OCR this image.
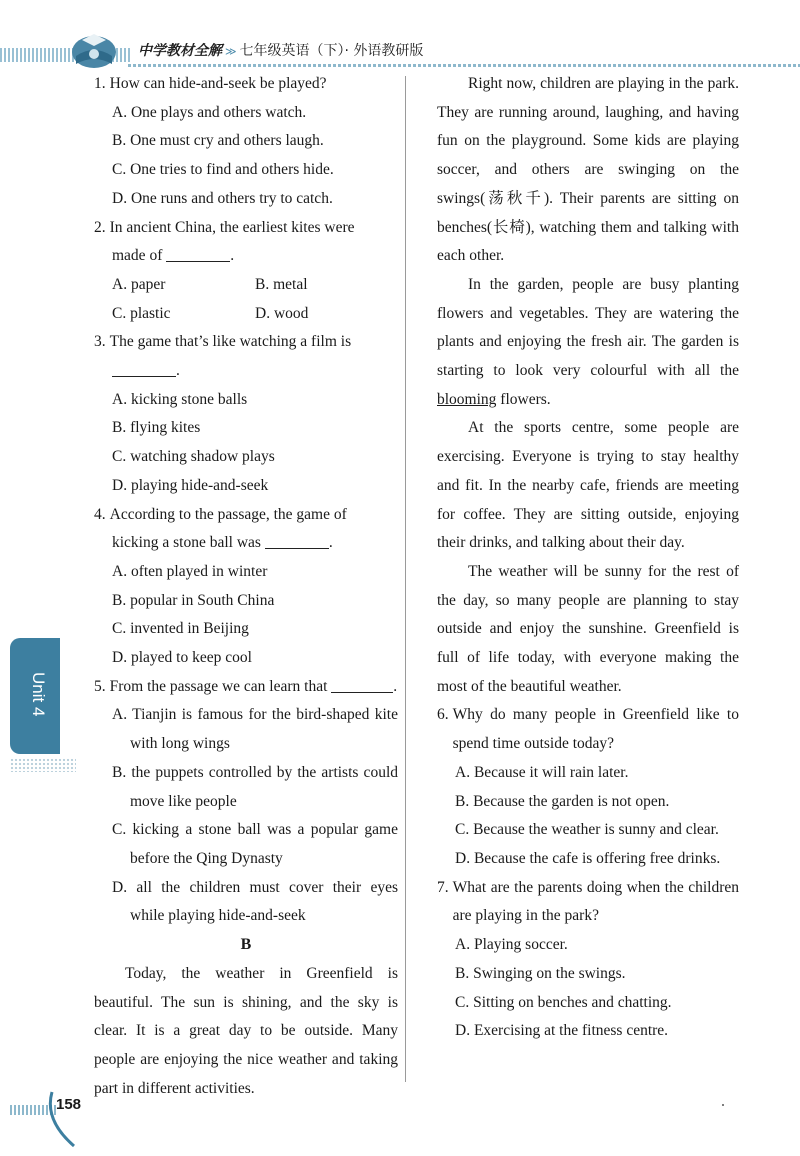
中学教材全解 ≫ 七年级英语（下）· 外语教研版
1. How can hide-and-seek be played?
A. One plays and others watch.
B. One must cry and others laugh.
C. One tries to find and others hide.
D. One runs and others try to catch.
2. In ancient China, the earliest kites were
made of	.
A. paper	B. metal
C. plastic	D. wood
3. The game that’s like watching a film is
.
A. kicking stone balls
B. flying kites
C. watching shadow plays
D. playing hide-and-seek
4. According to the passage, the game of
kicking a stone ball was	.
A. often played in winter
B. popular in South China
C. invented in Beijing
D. played to keep cool
5. From the passage we can learn that	.
A. Tianjin is famous for the bird-shaped kite with long wings
B. the puppets controlled by the artists could move like people
C. kicking a stone ball was a popular game before the Qing Dynasty
D. all the children must cover their eyes while playing hide-and-seek
B
Today, the weather in Greenfield is beautiful. The sun is shining, and the sky is clear. It is a great day to be outside. Many people are enjoying the nice weather and taking part in different activities.
Right now, children are playing in the park. They are running around, laughing, and having fun on the playground. Some kids are playing soccer, and others are swinging on the swings(荡秋千). Their parents are sitting on benches(长椅), watching them and talking with each other.
In the garden, people are busy planting flowers and vegetables. They are watering the plants and enjoying the fresh air. The garden is starting to look very colourful with all the blooming flowers.
At the sports centre, some people are exercising. Everyone is trying to stay healthy and fit. In the nearby cafe, friends are meeting for coffee. They are sitting outside, enjoying their drinks, and talking about their day.
The weather will be sunny for the rest of the day, so many people are planning to stay outside and enjoy the sunshine. Greenfield is full of life today, with everyone making the most of the beautiful weather.
6. Why do many people in Greenfield like to spend time outside today?
A. Because it will rain later.
B. Because the garden is not open.
C. Because the weather is sunny and clear.
D. Because the cafe is offering free drinks.
7. What are the parents doing when the children are playing in the park?
A. Playing soccer.
B. Swinging on the swings.
C. Sitting on benches and chatting.
D. Exercising at the fitness centre.
Unit 4
158
